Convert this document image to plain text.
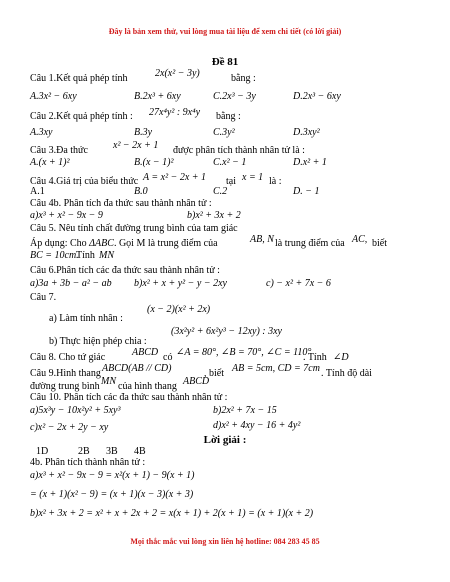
Đây là bản xem thử, vui lòng mua tài liệu để xem chi tiết (có lời giải)
Đề 81
Câu 1.Kết quả phép tính	2x(x² − 3y)	bằng :
A.3x² − 6xy	B.2x³ + 6xy	C.2x³ − 3y	D.2x³ − 6xy
Câu 2.Kết quả phép tính : 27x⁴y² : 9x⁴y bằng :
A.3xy	B.3y	C.3y²	D.3xy²
Câu 3.Đa thức	x² − 2x + 1 được phân tích thành nhân tử là :
A.(x + 1)²	B.(x − 1)²	C.x² − 1	D.x² + 1
Câu 4.Giá trị của biểu thức A = x² − 2x + 1 tại x = 1 là :
A.1	B.0	C.2	D. − 1
Câu 4b. Phân tích đa thức sau thành nhân tử :
a)x³ + x² − 9x − 9	b)x² + 3x + 2
Câu 5. Nêu tính chất đường trung bình của tam giác
Áp dụng: Cho ΔABC. Gọi M là trung điểm của	AB, N là trung điểm của AC, biết
BC = 10cm.
Tính MN
Câu 6.Phân tích các đa thức sau thành nhân tử :
a)3a + 3b − a² − ab b)x² + x + y² − y − 2xy	c) − x² + 7x − 6
Câu 7.
a) Làm tính nhân :
(x − 2)(x² + 2x)
b) Thực hiện phép chia :
(3x²y² + 6x²y³ − 12xy) : 3xy
Câu 8. Cho tứ giác	ABCD có ∠A = 80°, ∠B = 70°, ∠C = 110°
. Tính ∠D
Câu 9.Hình thang ABCD(AB // CD)	, biết AB = 5cm, CD = 7cm . Tính độ dài
đường trung bình MN của hình thang ABCD
Câu 10. Phân tích các đa thức sau thành nhân tử :
a)5x³y − 10x²y² + 5xy³	b)2x² + 7x − 15
c)x² − 2x + 2y − xy	d)x² + 4xy − 16 + 4y²
Lời giải :
1D	2B 3B 4B
4b. Phân tích thành nhân tử :
a)x³ + x² − 9x − 9 = x²(x + 1) − 9(x + 1)
= (x + 1)(x² − 9) = (x + 1)(x − 3)(x + 3)
b)x² + 3x + 2 = x² + x + 2x + 2 = x(x + 1) + 2(x + 1) = (x + 1)(x + 2)
Mọi thắc mắc vui lòng xin liên hệ hotline: 084 283 45 85
